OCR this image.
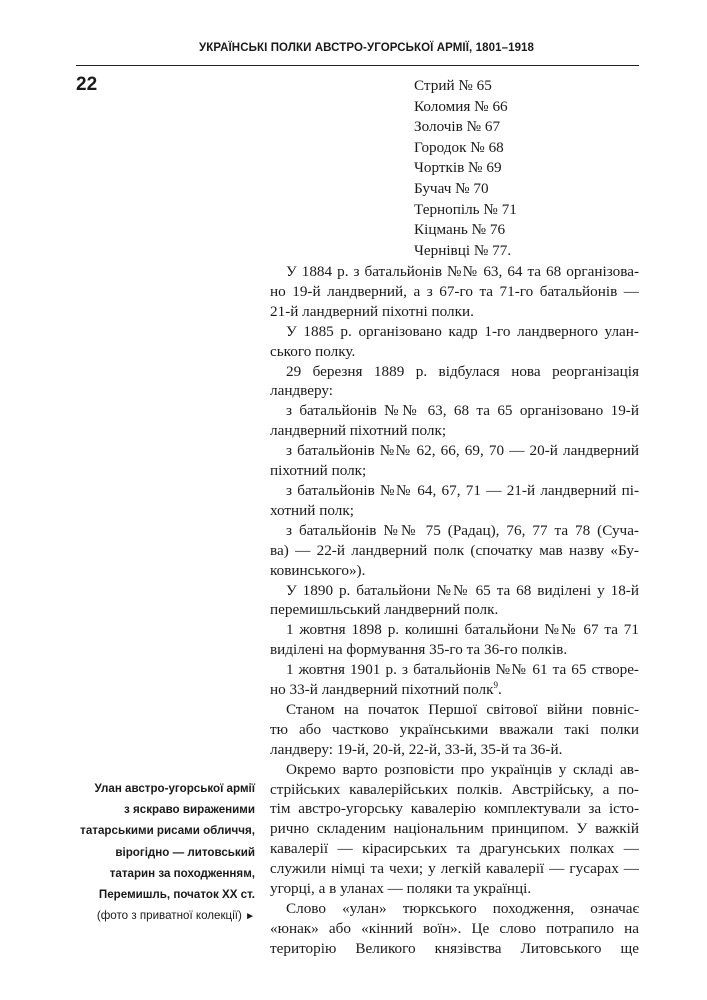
УКРАЇНСЬКІ ПОЛКИ АВСТРО-УГОРСЬКОЇ АРМІЇ, 1801–1918
22	Стрий № 65
Коломия № 66
Золочів № 67
Городок № 68
Чортків № 69
Бучач № 70
Тернопіль № 71
Кіцмань № 76
Чернівці № 77.

У 1884 р. з батальйонів №№ 63, 64 та 68 організова-

но 19-й ландверний, а з 67-го та 71-го батальйонів —

21-й ландверний піхотні полки.

У 1885 р. організовано кадр 1-го ландверного улан-

ського полку.

29 березня 1889 р. відбулася нова реорганізація

ландверу:

з батальйонів №№ 63, 68 та 65 організовано 19-й

ландверний піхотний полк;

з батальйонів №№ 62, 66, 69, 70 — 20-й ландверний

піхотний полк;

з батальйонів №№ 64, 67, 71 — 21-й ландверний пі-

хотний полк;

з батальйонів №№ 75 (Радац), 76, 77 та 78 (Суча-

ва) — 22-й ландверний полк (спочатку мав назву «Бу-

ковинського»).

У 1890 р. батальйони №№ 65 та 68 виділені у 18-й

перемишльський ландверний полк.

1 жовтня 1898 р. колишні батальйони №№ 67 та 71

виділені на формування 35-го та 36-го полків.

1 жовтня 1901 р. з батальйонів №№ 61 та 65 створе-

но 33-й ландверний піхотний полк$^9$.

Станом на початок Першої світової війни повніс-

тю або частково українськими вважали такі полки

ландверу: 19-й, 20-й, 22-й, 33-й, 35-й та 36-й.

Окремо варто розповісти про українців у складі ав-

стрійських кавалерійських полків. Австрійську, а по-

тім австро-угорську кавалерію комплектували за істо-

рично складеним національним принципом. У важкій

кавалерії — кірасирських та драгунських полках —

служили німці та чехи; у легкій кавалерії — гусарах —

угорці, а в уланах — поляки та українці.

Слово «улан» тюркського походження, означає

«юнак» або «кінний воїн». Це слово потрапило на

територію Великого князівства Литовського ще

Улан австро-угорської армії
з яскраво вираженими
татарськими рисами обличчя,
вірогідно — литовський
татарин за походженням,
Перемишль, початок XX ст.
(фото з приватної колекції) ►
